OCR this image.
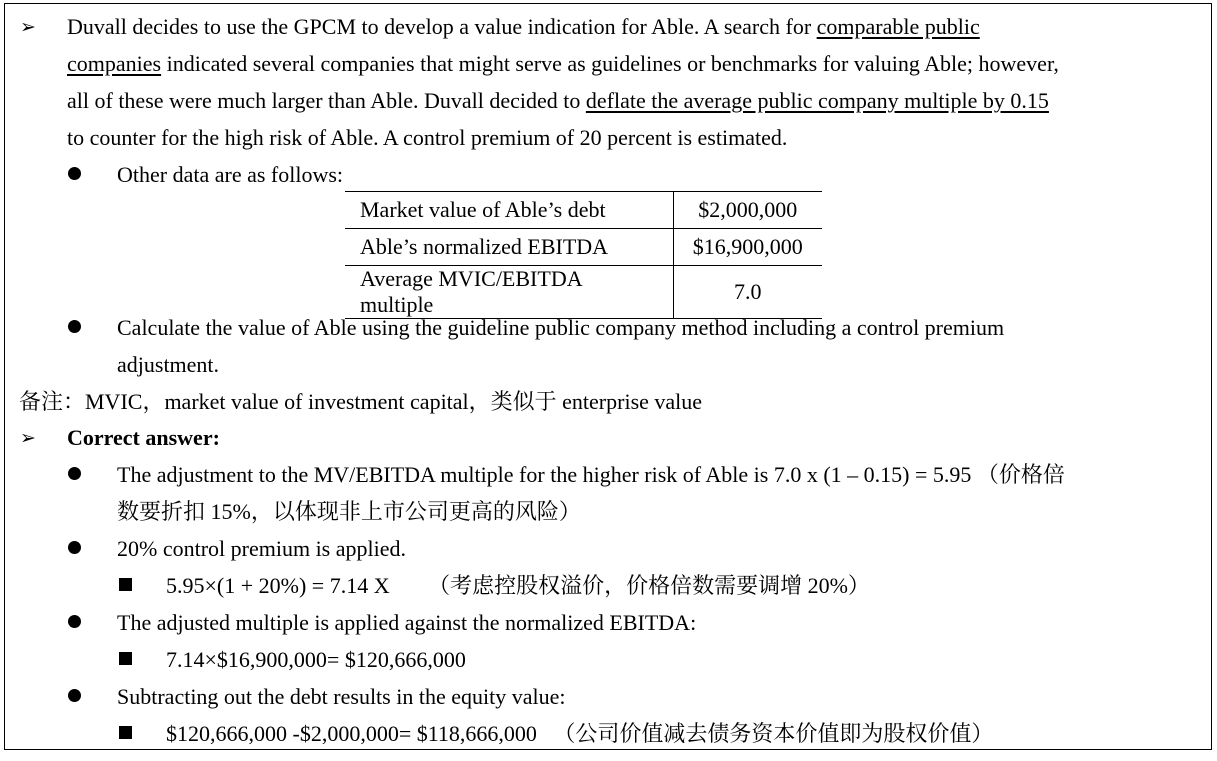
➢ Duvall decides to use the GPCM to develop a value indication for Able. A search for comparable public
companies indicated several companies that might serve as guidelines or benchmarks for valuing Able; however,
all of these were much larger than Able. Duvall decided to deflate the average public company multiple by 0.15
to counter for the high risk of Able. A control premium of 20 percent is estimated.
Other data are as follows:
Market value of Able’s debt	$2,000,000
Able’s normalized EBITDA	$16,900,000
Average MVIC/EBITDA multiple	7.0
Calculate the value of Able using the guideline public company method including a control premium
adjustment.
备注：MVIC，market value of investment capital，类似于 enterprise value
➢ Correct answer:
The adjustment to the MV/EBITDA multiple for the higher risk of Able is 7.0 x (1 – 0.15) = 5.95 （价格倍
数要折扣 15%，以体现非上市公司更高的风险）
20% control premium is applied.
5.95×(1 + 20%) = 7.14 X 　　（考虑控股权溢价，价格倍数需要调增 20%）
The adjusted multiple is applied against the normalized EBITDA:
7.14×$16,900,000= $120,666,000
Subtracting out the debt results in the equity value:
$120,666,000 -$2,000,000= $118,666,000 　（公司价值减去债务资本价值即为股权价值）
